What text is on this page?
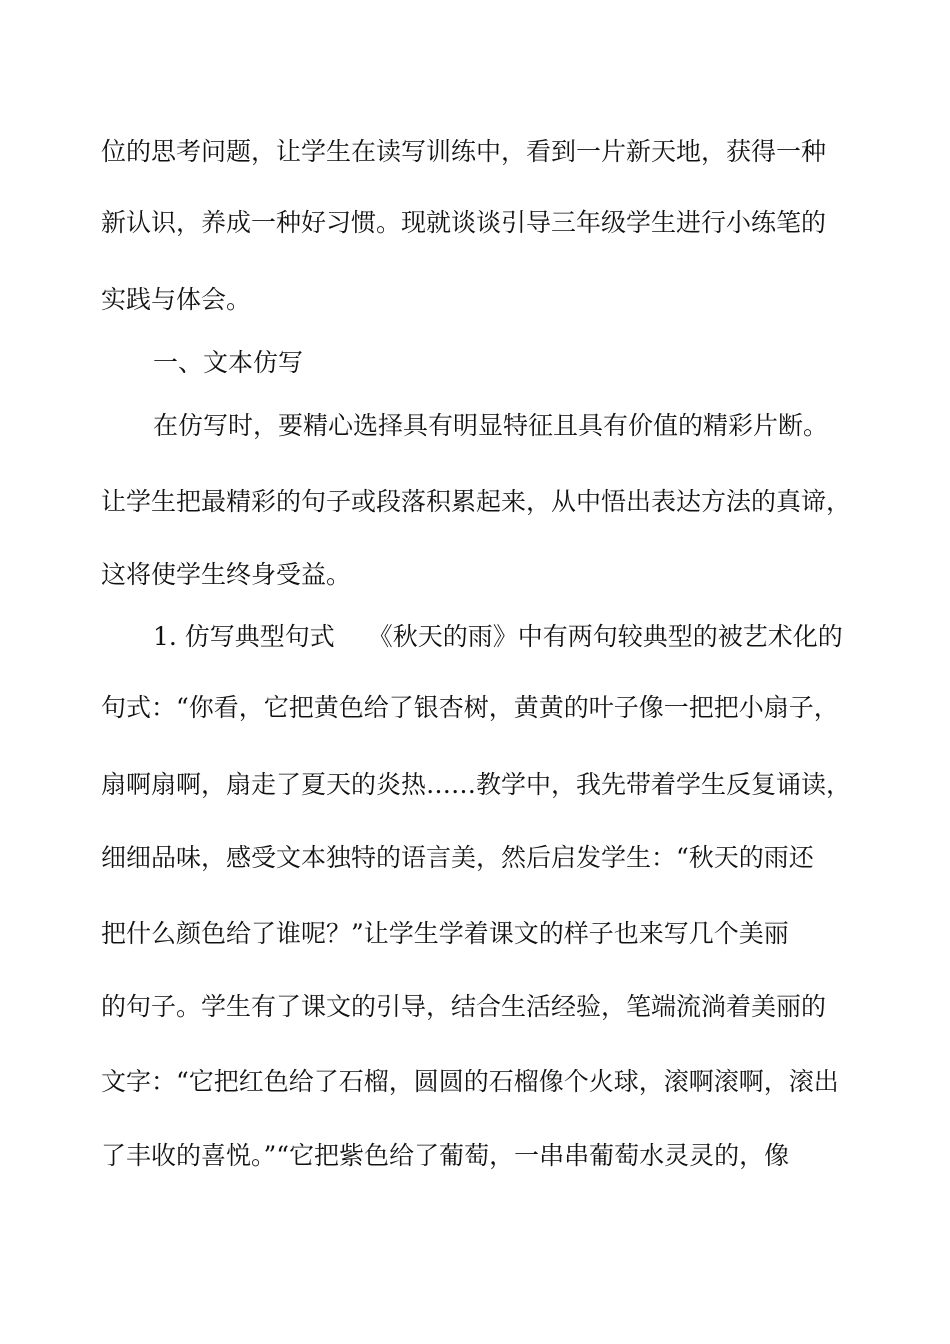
位的思考问题，让学生在读写训练中，看到一片新天地，获得一种
新认识，养成一种好习惯。现就谈谈引导三年级学生进行小练笔的
实践与体会。
一、文本仿写
在仿写时，要精心选择具有明显特征且具有价值的精彩片断。
让学生把最精彩的句子或段落积累起来，从中悟出表达方法的真谛，
这将使学生终身受益。
1. 仿写典型句式　 《秋天的雨》中有两句较典型的被艺术化的
句式：“你看，它把黄色给了银杏树，黄黄的叶子像一把把小扇子，
扇啊扇啊，扇走了夏天的炎热……教学中，我先带着学生反复诵读，
细细品味，感受文本独特的语言美，然后启发学生：“秋天的雨还
把什么颜色给了谁呢？”让学生学着课文的样子也来写几个美丽
的句子。学生有了课文的引导，结合生活经验，笔端流淌着美丽的
文字：“它把红色给了石榴，圆圆的石榴像个火球，滚啊滚啊，滚出
了丰收的喜悦。”“它把紫色给了葡萄，一串串葡萄水灵灵的，像
